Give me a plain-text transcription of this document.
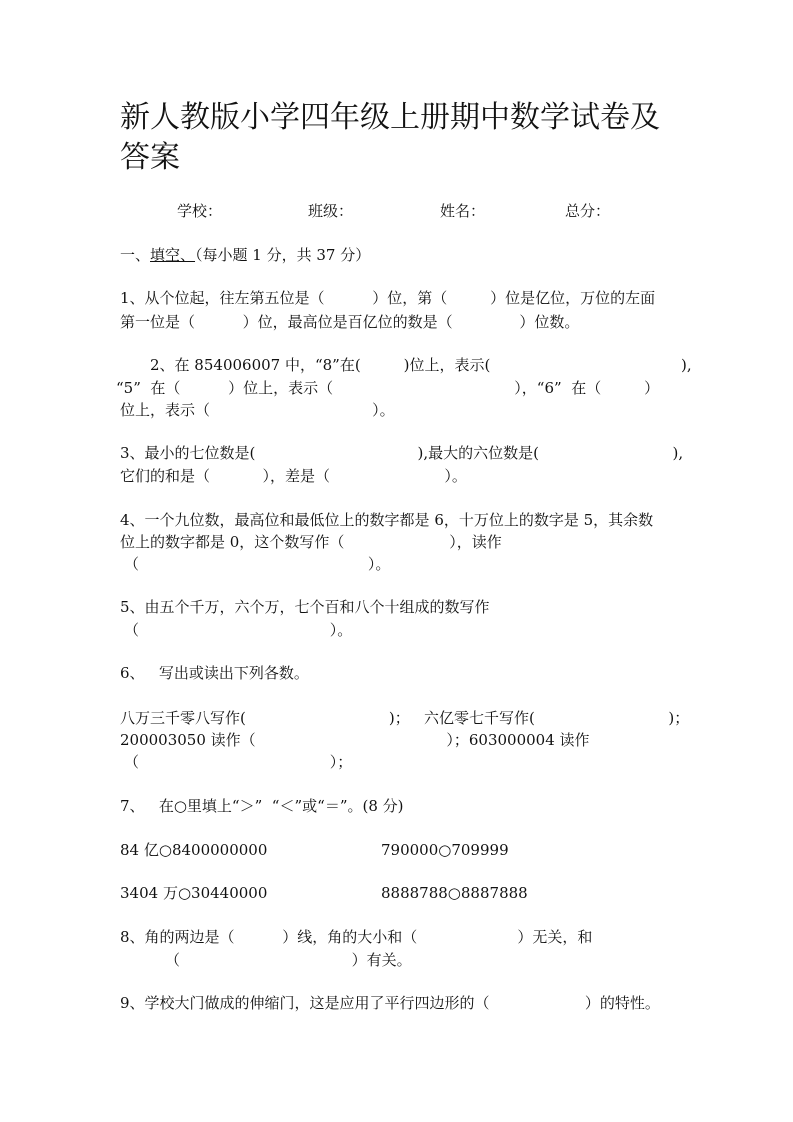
新人教版小学四年级上册期中数学试卷及
答案
学校：	班级：	姓名：	总分：
一、填空、（每小题 1 分，共 37 分）
1、从个位起，往左第五位是（          ）位，第（         ）位是亿位，万位的左面
第一位是（          ）位，最高位是百亿位的数是（              ）位数。
2、在 854006007 中，“8”在(         )位上，表示(                                        ),
“5”  在（          ）位上，表示（                                      ），“6”  在（         ）
位上，表示（                                  ）。
3、最小的七位数是(                                  ),最大的六位数是(                            ),
它们的和是（           ），差是（                        ）。
4、一个九位数，最高位和最低位上的数字都是 6，十万位上的数字是 5，其余数
位上的数字都是 0，这个数写作（                      ），读作
（                                                ）。
5、由五个千万，六个万，七个百和八个十组成的数写作
（                                        ）。
6、   写出或读出下列各数。
八万三千零八写作(                              )；   六亿零七千写作(                            )；
200003050 读作（                                        ）；603000004 读作
（                                        ）；
7、   在○里填上“＞”  “＜”或“＝”。(8 分)
84 亿○8400000000	790000○709999
3404 万○30440000	8888788○8887888
8、角的两边是（          ）线，角的大小和（                     ）无关，和
（                                    ）有关。
9、学校大门做成的伸缩门，这是应用了平行四边形的（                    ）的特性。
